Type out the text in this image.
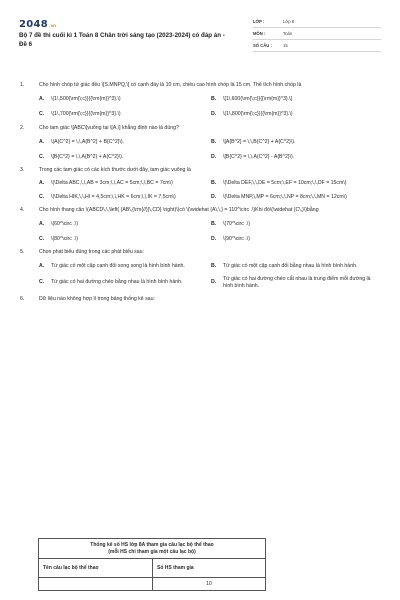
2048 .vn
Bộ 7 đề thi cuối kì 1 Toán 8 Chân trời sáng tạo (2023-2024) có đáp án - Đề 6
LỚP :	Lớp 8
MÔN :	Toán
SỐ CÂU :	15
1.	Cho hình chóp tứ giác đều \[S.MNPQ,\] có cạnh đáy là 10 cm, chiều cao hình chóp là 15 cm. Thể tích hình chóp là
A.	\(1\,500{\rm{\;c}}{{\rm{m}}^3}.\)	B.	\[1\,600{\rm{\;c}}{{\rm{m}}^3}.\]
C.	\(1\,700{\rm{\;c}}{{\rm{m}}^3}.\)	D.	\(1\,800{\rm{\;c}}{{\rm{m}}^3}.\)
2.	Cho tam giác \[ABC\]vuông tại \[A,\] khẳng định nào là đúng?
A.	\(A{C^2} = \,\,A{B^2} + B{C^2}\).	B.	\[A{B^2} = \,\,B{C^2} + A{C^2}\).
C.	\[B{C^2} = \,\,A{B^2} + A{C^2}\).	D.	\[B{C^2} = \,\,A{C^2} - A{B^2}\).
3.	Trong các tam giác có các kích thước dưới đây, tam giác vuông là
A.	\(\Delta ABC,\,\,AB = 3cm;\,\,AC = 5cm;\,\,BC = 7cm\)	B.	\(\Delta DEF,\,\,DE = 5cm;\,EF = 10cm;\,\,DF = 15cm\)
C.	\(\Delta HIK,\,\,HI = 4,5cm;\,\,HK = 6cm;\,\,IK = 7,5cm\)	D.	\(\Delta MNP,\,MP = 6cm;\,\,NP = 8cm;\,\,MN = 12cm\)
4.	Cho hình thang cân \(ABCD\,\,\left( {AB\,{\rm{//}}\,CD} \right)\)có \(\widehat {A\,\,} = 110^\circ .\)Khi đó\(\widehat {C\,}\)bằng
A.	\(60^\circ .\)	B.	\(70^\circ .\)
C.	\(80^\circ .\)	D.	\(90^\circ .\)
5.	Chọn phát biểu đúng trong các phát biểu sau:
A.	Tứ giác có một cặp cạnh đối song song là hình bình hành.	B.	Tứ giác có một cặp cạnh đối bằng nhau là hình bình hành.
C.	Tứ giác có hai đường chéo bằng nhau là hình bình hành.	D.
Tứ giác có hai đường chéo cắt nhau là trung điểm mỗi đường là hình bình hành.
6.	Dữ liệu nào không hợp lí trong bảng thống kê sau:
Thống kê số HS lớp 8A tham gia câu lạc bộ thể thao
(mỗi HS chỉ tham gia một câu lạc bộ)	

Tên câu lạc bộ thể thao	Số HS tham gia
	10
